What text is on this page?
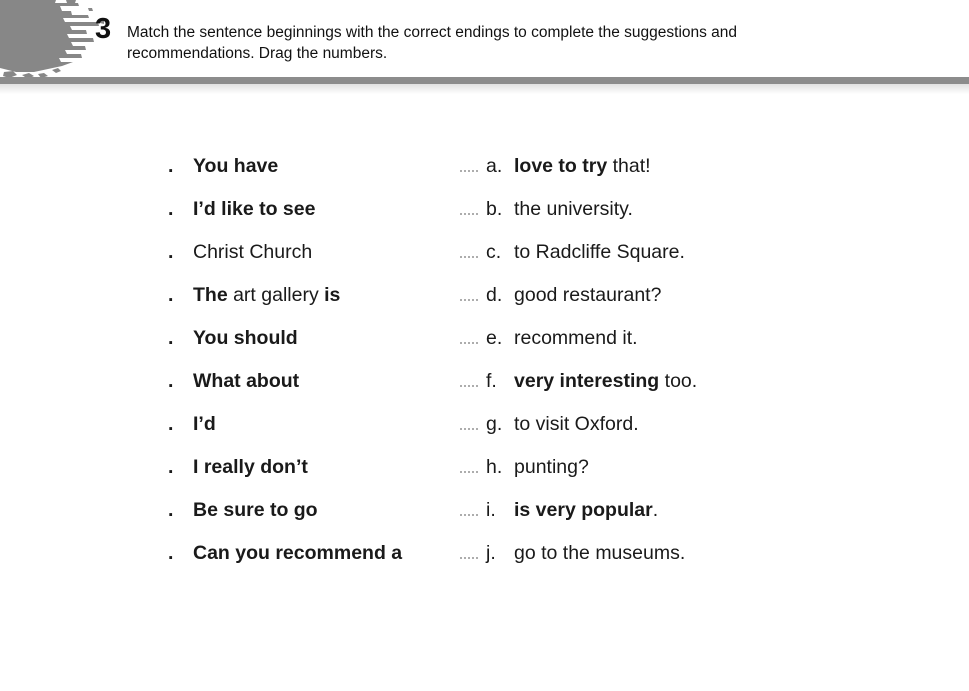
3 Match the sentence beginnings with the correct endings to complete the suggestions and recommendations. Drag the numbers.

. You have	a. love to try that!
. I’d like to see	b. the university.
. Christ Church	c. to Radcliffe Square.
. The art gallery is	d. good restaurant?
. You should	e. recommend it.
. What about	f. very interesting too.
. I’d	g. to visit Oxford.
. I really don’t	h. punting?
. Be sure to go	i. is very popular.
. Can you recommend a	j. go to the museums.
